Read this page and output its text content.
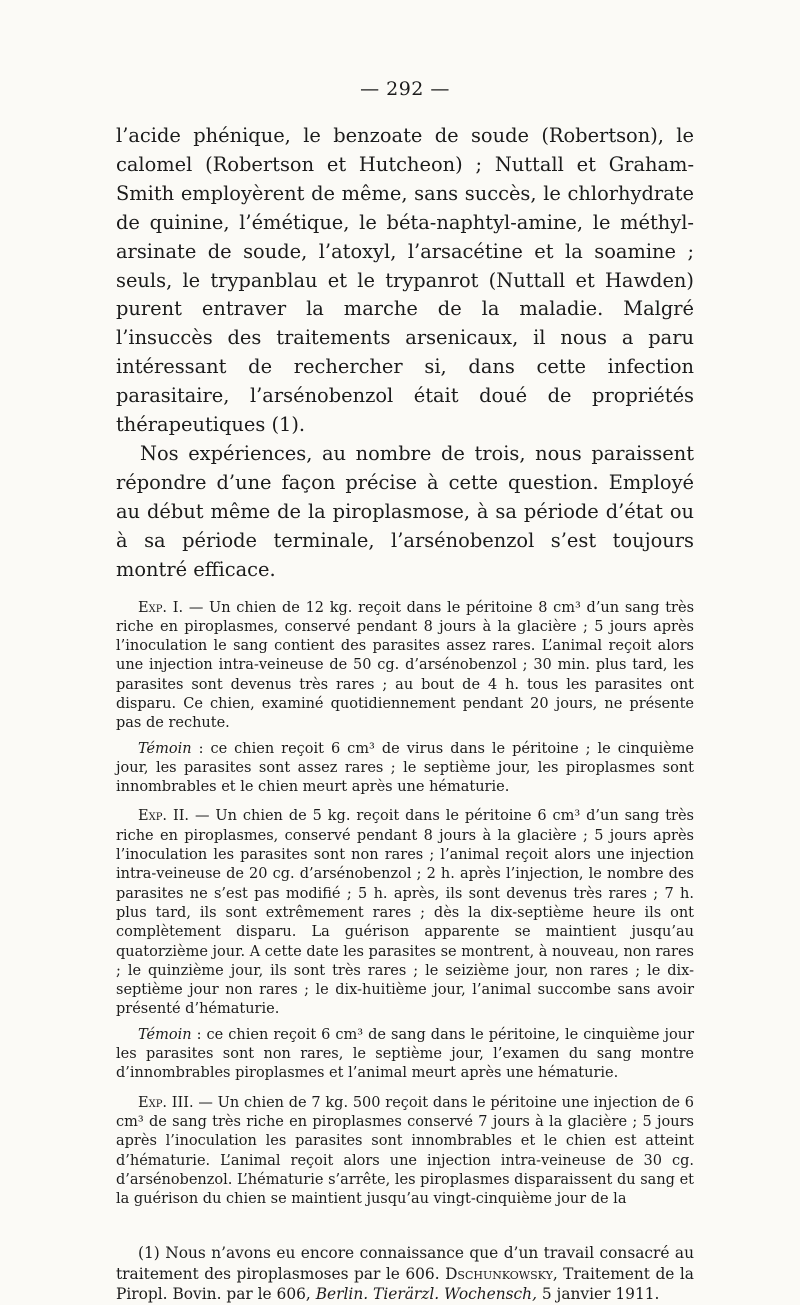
— 292 —

l’acide phénique, le benzoate de soude (Robertson), le calomel (Robertson et Hutcheon) ; Nuttall et Graham-Smith employèrent de même, sans succès, le chlorhydrate de quinine, l’émétique, le béta-naphtyl-amine, le méthyl-arsinate de soude, l’atoxyl, l’arsacétine et la soamine ; seuls, le trypanblau et le trypanrot (Nuttall et Hawden) purent entraver la marche de la maladie. Malgré l’insuccès des traitements arsenicaux, il nous a paru intéressant de rechercher si, dans cette infection parasitaire, l’arsénobenzol était doué de propriétés thérapeutiques (1).

Nos expériences, au nombre de trois, nous paraissent répondre d’une façon précise à cette question. Employé au début même de la piroplasmose, à sa période d’état ou à sa période terminale, l’arsénobenzol s’est toujours montré efficace.

Exp. I. — Un chien de 12 kg. reçoit dans le péritoine 8 cm³ d’un sang très riche en piroplasmes, conservé pendant 8 jours à la glacière ; 5 jours après l’inoculation le sang contient des parasites assez rares. L’animal reçoit alors une injection intra-veineuse de 50 cg. d’arsénobenzol ; 30 min. plus tard, les parasites sont devenus très rares ; au bout de 4 h. tous les parasites ont disparu. Ce chien, examiné quotidiennement pendant 20 jours, ne présente pas de rechute.

Témoin : ce chien reçoit 6 cm³ de virus dans le péritoine ; le cinquième jour, les parasites sont assez rares ; le septième jour, les piroplasmes sont innombrables et le chien meurt après une hématurie.

Exp. II. — Un chien de 5 kg. reçoit dans le péritoine 6 cm³ d’un sang très riche en piroplasmes, conservé pendant 8 jours à la glacière ; 5 jours après l’inoculation les parasites sont non rares ; l’animal reçoit alors une injection intra-veineuse de 20 cg. d’arsénobenzol ; 2 h. après l’injection, le nombre des parasites ne s’est pas modifié ; 5 h. après, ils sont devenus très rares ; 7 h. plus tard, ils sont extrêmement rares ; dès la dix-septième heure ils ont complètement disparu. La guérison apparente se maintient jusqu’au quatorzième jour. A cette date les parasites se montrent, à nouveau, non rares ; le quinzième jour, ils sont très rares ; le seizième jour, non rares ; le dix-septième jour non rares ; le dix-huitième jour, l’animal succombe sans avoir présenté d’hématurie.

Témoin : ce chien reçoit 6 cm³ de sang dans le péritoine, le cinquième jour les parasites sont non rares, le septième jour, l’examen du sang montre d’innombrables piroplasmes et l’animal meurt après une hématurie.

Exp. III. — Un chien de 7 kg. 500 reçoit dans le péritoine une injection de 6 cm³ de sang très riche en piroplasmes conservé 7 jours à la glacière ; 5 jours après l’inoculation les parasites sont innombrables et le chien est atteint d’hématurie. L’animal reçoit alors une injection intra-veineuse de 30 cg. d’arsénobenzol. L’hématurie s’arrête, les piroplasmes disparaissent du sang et la guérison du chien se maintient jusqu’au vingt-cinquième jour de la

(1) Nous n’avons eu encore connaissance que d’un travail consacré au traitement des piroplasmoses par le 606. Dschunkowsky, Traitement de la Piropl. Bovin. par le 606, Berlin. Tierärzl. Wochensch, 5 janvier 1911.
